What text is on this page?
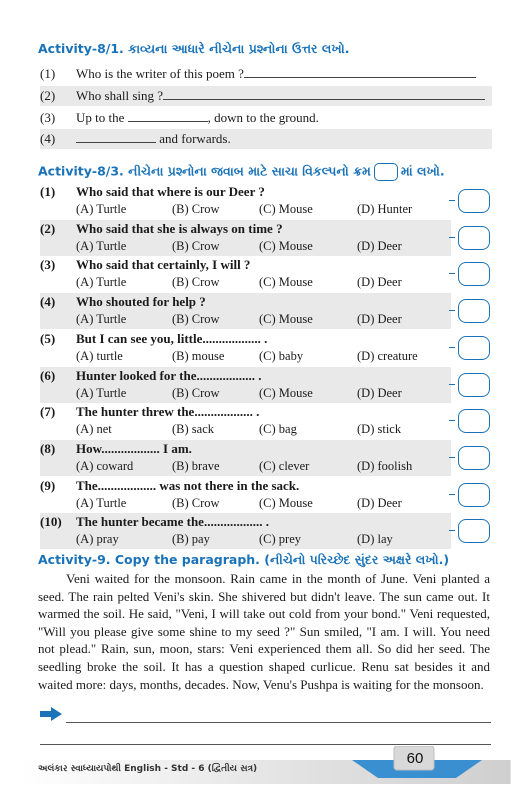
Activity-8/1. કાવ્યના આધારે નીચેના પ્રશ્નોના ઉત્તર લખો.
(1)	Who is the writer of this poem ?
(2)	Who shall sing ?
(3)	Up to the	, down to the ground.
(4)	and forwards.
Activity-8/3. નીચેના પ્રશ્નોના જવાબ માટે સાચા વિકલ્પનો ક્રમ માં લખો.
(1) Who said that where is our Deer ?
(A) Turtle	(B) Crow	(C) Mouse	(D) Hunter
(2) Who said that she is always on time ?
(A) Turtle	(B) Crow	(C) Mouse	(D) Deer
(3) Who said that certainly, I will ?
(A) Turtle	(B) Crow	(C) Mouse	(D) Deer
(4) Who shouted for help ?
(A) Turtle	(B) Crow	(C) Mouse	(D) Deer
(5) But I can see you, little.................. .
(A) turtle	(B) mouse	(C) baby	(D) creature
(6) Hunter looked for the.................. .
(A) Turtle	(B) Crow	(C) Mouse	(D) Deer
(7) The hunter threw the.................. .
(A) net	(B) sack	(C) bag	(D) stick
(8) How.................. I am.
(A) coward	(B) brave	(C) clever	(D) foolish
(9) The.................. was not there in the sack.
(A) Turtle	(B) Crow	(C) Mouse	(D) Deer
(10) The hunter became the.................. .
(A) pray	(B) pay	(C) prey	(D) lay
Activity-9. Copy the paragraph. (નીચેનો પરિચ્છેદ સુંદર અક્ષરે લખો.)
Veni waited for the monsoon. Rain came in the month of June. Veni planted a seed. The rain pelted Veni's skin. She shivered but didn't leave. The sun came out. It warmed the soil. He said, "Veni, I will take out cold from your bond." Veni requested, "Will you please give some shine to my seed ?" Sun smiled, "I am. I will. You need not plead." Rain, sun, moon, stars: Veni experienced them all. So did her seed. The seedling broke the soil. It has a question shaped curlicue. Renu sat besides it and waited more: days, months, decades. Now, Venu's Pushpa is waiting for the monsoon.
અલંકાર સ્વાધ્યાયપોથી English - Std - 6 (દ્વિતીય સત્ર)
60
